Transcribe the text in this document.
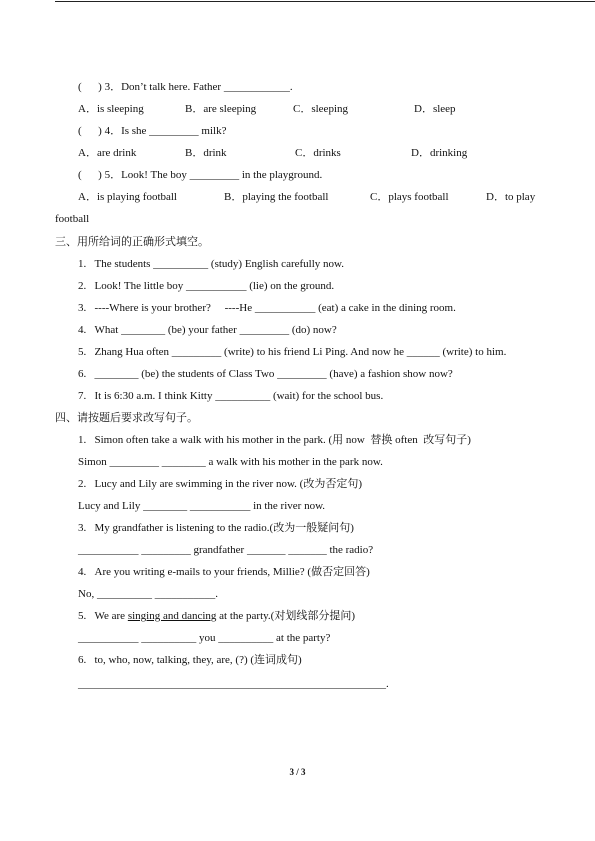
(      ) 3．Don’t talk here. Father ____________.
A．is sleeping	B．are sleeping	C．sleeping	D．sleep
(      ) 4．Is she _________ milk?
A．are drink	B．drink	C．drinks	D．drinking
(      ) 5．Look! The boy _________ in the playground.
A．is playing football	B．playing the football	C．plays football	D．to play
football
三、用所给词的正确形式填空。
1. The students __________ (study) English carefully now.
2. Look! The little boy ___________ (lie) on the ground.
3. ----Where is your brother?     ----He ___________ (eat) a cake in the dining room.
4. What ________ (be) your father _________ (do) now?
5. Zhang Hua often _________ (write) to his friend Li Ping. And now he ______ (write) to him.
6. ________ (be) the students of Class Two _________ (have) a fashion show now?
7. It is 6:30 a.m. I think Kitty __________ (wait) for the school bus.
四、请按题后要求改写句子。
1. Simon often take a walk with his mother in the park. (用 now  替换 often  改写句子)
Simon _________ ________ a walk with his mother in the park now.
2. Lucy and Lily are swimming in the river now. (改为否定句)
Lucy and Lily ________ ___________ in the river now.
3. My grandfather is listening to the radio.(改为一般疑问句)
___________ _________ grandfather _______ _______ the radio?
4. Are you writing e-mails to your friends, Millie? (做否定回答)
No, __________ ___________.
5. We are singing and dancing at the party.(对划线部分提问)
___________ __________ you __________ at the party?
6. to, who, now, talking, they, are, (?) (连词成句)
________________________________________________________.
3 / 3
